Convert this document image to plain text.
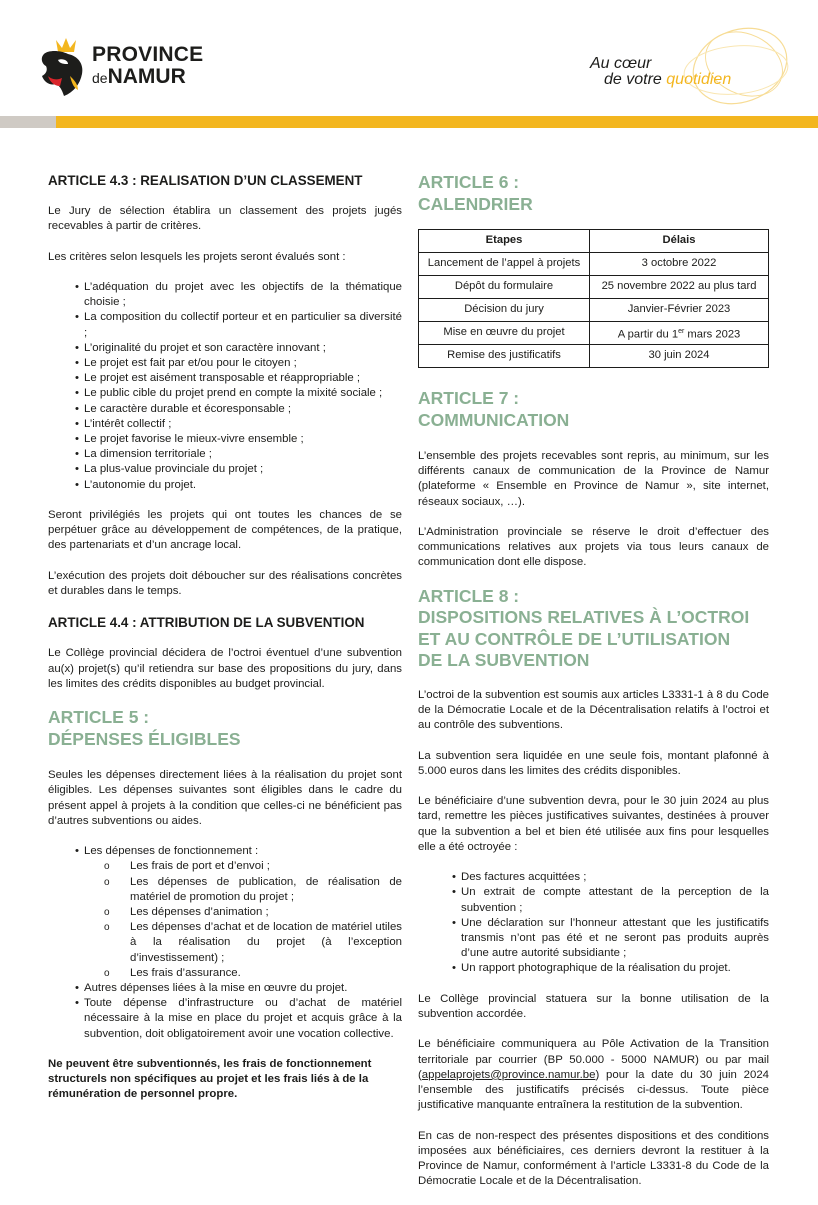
PROVINCE
deNAMUR
Au cœur
de votre quotidien
ARTICLE 4.3 : REALISATION D’UN CLASSEMENT

Le Jury de sélection établira un classement des projets jugés recevables à partir de critères.

Les critères selon lesquels les projets seront évalués sont :

• L’adéquation du projet avec les objectifs de la thématique choisie ;
• La composition du collectif porteur et en particulier sa diversité ;
• L’originalité du projet et son caractère innovant ;
• Le projet est fait par et/ou pour le citoyen ;
• Le projet est aisément transposable et réappropriable ;
• Le public cible du projet prend en compte la mixité sociale ;
• Le caractère durable et écoresponsable ;
• L’intérêt collectif ;
• Le projet favorise le mieux-vivre ensemble ;
• La dimension territoriale ;
• La plus-value provinciale du projet ;
• L’autonomie du projet.

Seront privilégiés les projets qui ont toutes les chances de se perpétuer grâce au développement de compétences, de la pratique, des partenariats et d’un ancrage local.

L’exécution des projets doit déboucher sur des réalisations concrètes et durables dans le temps.

ARTICLE 4.4 : ATTRIBUTION DE LA SUBVENTION

Le Collège provincial décidera de l’octroi éventuel d’une subvention au(x) projet(s) qu’il retiendra sur base des propositions du jury, dans les limites des crédits disponibles au budget provincial.

ARTICLE 5 :
DÉPENSES ÉLIGIBLES

Seules les dépenses directement liées à la réalisation du projet sont éligibles. Les dépenses suivantes sont éligibles dans le cadre du présent appel à projets à la condition que celles-ci ne bénéficient pas d’autres subventions ou aides.

• Les dépenses de fonctionnement :
o Les frais de port et d’envoi ;
o Les dépenses de publication, de réalisation de matériel de promotion du projet ;
o Les dépenses d’animation ;
o Les dépenses d’achat et de location de matériel utiles à la réalisation du projet (à l’exception d’investissement) ;
o Les frais d’assurance.
• Autres dépenses liées à la mise en œuvre du projet.
• Toute dépense d’infrastructure ou d’achat de matériel nécessaire à la mise en place du projet et acquis grâce à la subvention, doit obligatoirement avoir une vocation collective.

Ne peuvent être subventionnés, les frais de fonctionnement structurels non spécifiques au projet et les frais liés à de la rémunération de personnel propre.

ARTICLE 6 :
CALENDRIER
Etapes	Délais
Lancement de l’appel à projets	3 octobre 2022
Dépôt du formulaire	25 novembre 2022 au plus tard
Décision du jury	Janvier-Février 2023
Mise en œuvre du projet	A partir du 1er mars 2023
Remise des justificatifs	30 juin 2024
ARTICLE 7 :
COMMUNICATION

L’ensemble des projets recevables sont repris, au minimum, sur les différents canaux de communication de la Province de Namur (plateforme « Ensemble en Province de Namur », site internet, réseaux sociaux, …).

L’Administration provinciale se réserve le droit d’effectuer des communications relatives aux projets via tous leurs canaux de communication dont elle dispose.

ARTICLE 8 :
DISPOSITIONS RELATIVES À L’OCTROI
ET AU CONTRÔLE DE L’UTILISATION
DE LA SUBVENTION

L’octroi de la subvention est soumis aux articles L3331-1 à 8 du Code de la Démocratie Locale et de la Décentralisation relatifs à l’octroi et au contrôle des subventions.

La subvention sera liquidée en une seule fois, montant plafonné à 5.000 euros dans les limites des crédits disponibles.

Le bénéficiaire d’une subvention devra, pour le 30 juin 2024 au plus tard, remettre les pièces justificatives suivantes, destinées à prouver que la subvention a bel et bien été utilisée aux fins pour lesquelles elle a été octroyée :

• Des factures acquittées ;
• Un extrait de compte attestant de la perception de la subvention ;
• Une déclaration sur l’honneur attestant que les justificatifs transmis n’ont pas été et ne seront pas produits auprès d’une autre autorité subsidiante ;
• Un rapport photographique de la réalisation du projet.

Le Collège provincial statuera sur la bonne utilisation de la subvention accordée.

Le bénéficiaire communiquera au Pôle Activation de la Transition territoriale par courrier (BP 50.000 - 5000 NAMUR) ou par mail (appelaprojets@province.namur.be) pour la date du 30 juin 2024 l’ensemble des justificatifs précisés ci-dessus. Toute pièce justificative manquante entraînera la restitution de la subvention.

En cas de non-respect des présentes dispositions et des conditions imposées aux bénéficiaires, ces derniers devront la restituer à la Province de Namur, conformément à l’article L3331-8 du Code de la Démocratie Locale et de la Décentralisation.
